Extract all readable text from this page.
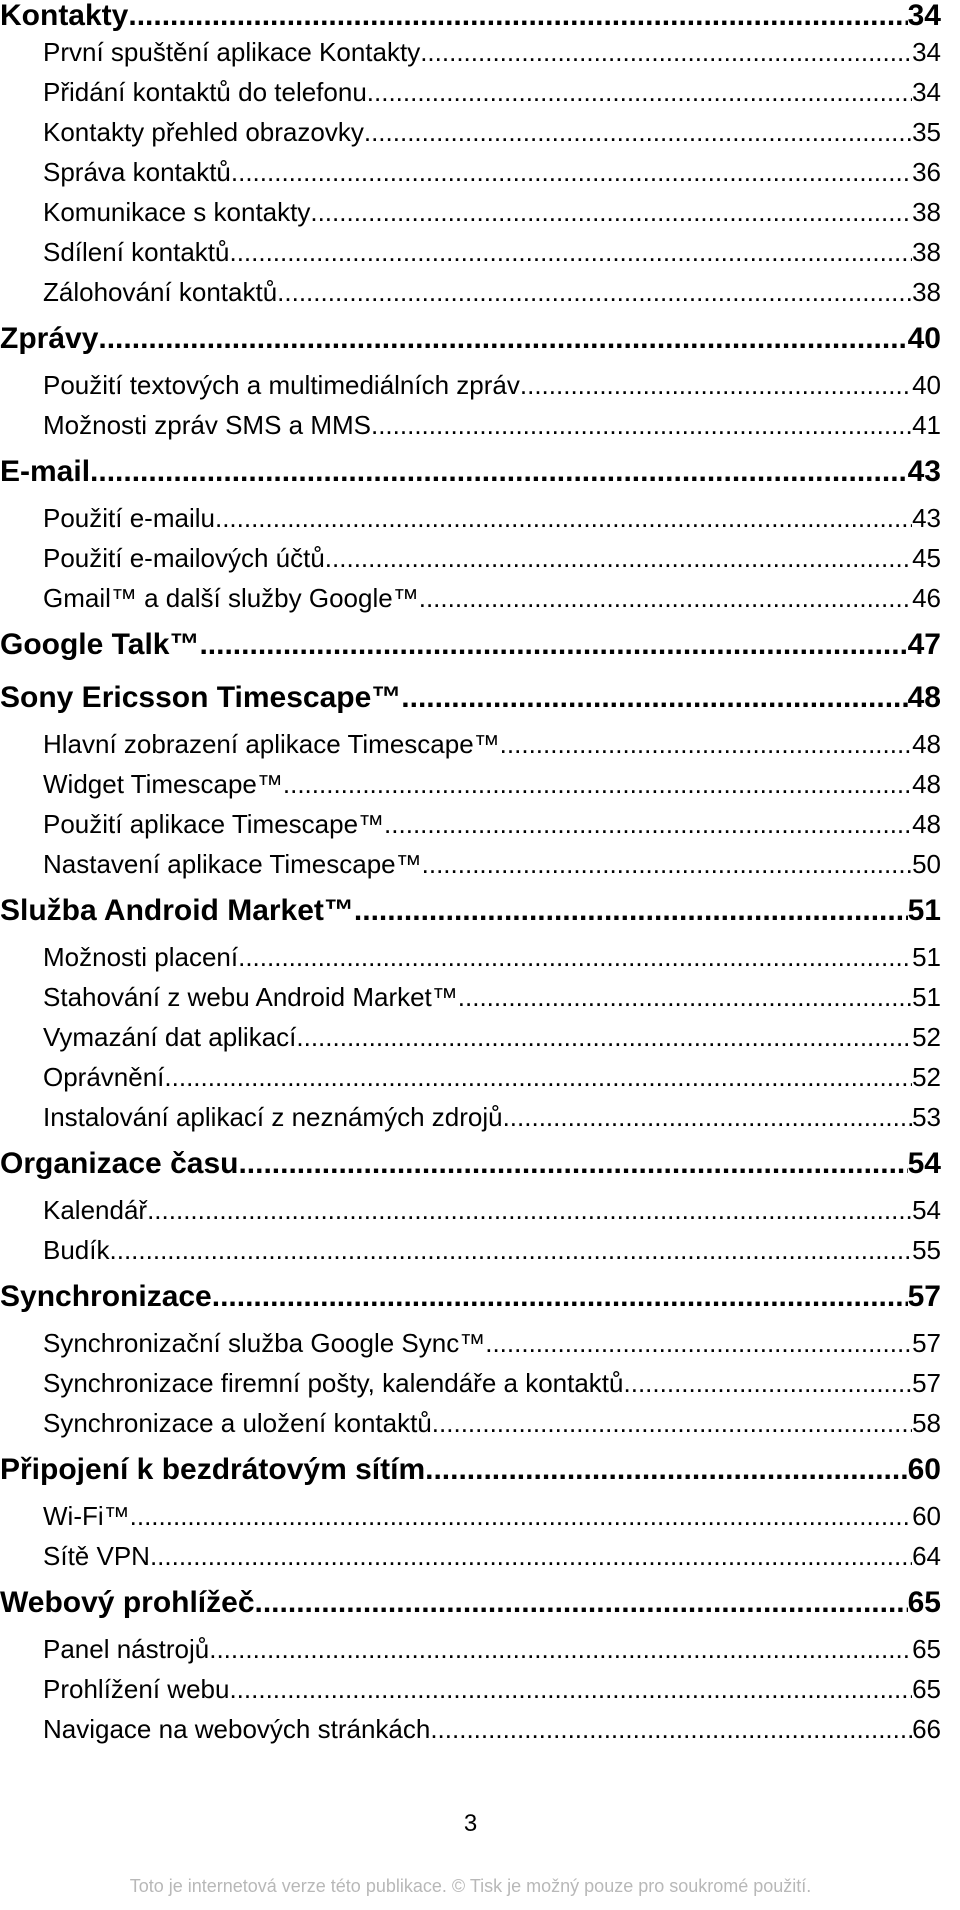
Kontakty .....	34
První spuštění aplikace Kontakty .....	34
Přidání kontaktů do telefonu .....	34
Kontakty přehled obrazovky .....	35
Správa kontaktů .....	36
Komunikace s kontakty .....	38
Sdílení kontaktů .....	38
Zálohování kontaktů .....	38
Zprávy .....	40
Použití textových a multimediálních zpráv .....	40
Možnosti zpráv SMS a MMS .....	41
E-mail .....	43
Použití e-mailu .....	43
Použití e-mailových účtů .....	45
Gmail™ a další služby Google™ .....	46
Google Talk™ .....	47
Sony Ericsson Timescape™ .....	48
Hlavní zobrazení aplikace Timescape™ .....	48
Widget Timescape™ .....	48
Použití aplikace Timescape™ .....	48
Nastavení aplikace Timescape™ .....	50
Služba Android Market™ .....	51
Možnosti placení .....	51
Stahování z webu Android Market™ .....	51
Vymazání dat aplikací .....	52
Oprávnění .....	52
Instalování aplikací z neznámých zdrojů .....	53
Organizace času .....	54
Kalendář .....	54
Budík .....	55
Synchronizace .....	57
Synchronizační služba Google Sync™ .....	57
Synchronizace firemní pošty, kalendáře a kontaktů .....	57
Synchronizace a uložení kontaktů .....	58
Připojení k bezdrátovým sítím .....	60
Wi-Fi™ .....	60
Sítě VPN .....	64
Webový prohlížeč .....	65
Panel nástrojů .....	65
Prohlížení webu .....	65
Navigace na webových stránkách .....	66
3
Toto je internetová verze této publikace. © Tisk je možný pouze pro soukromé použití.
